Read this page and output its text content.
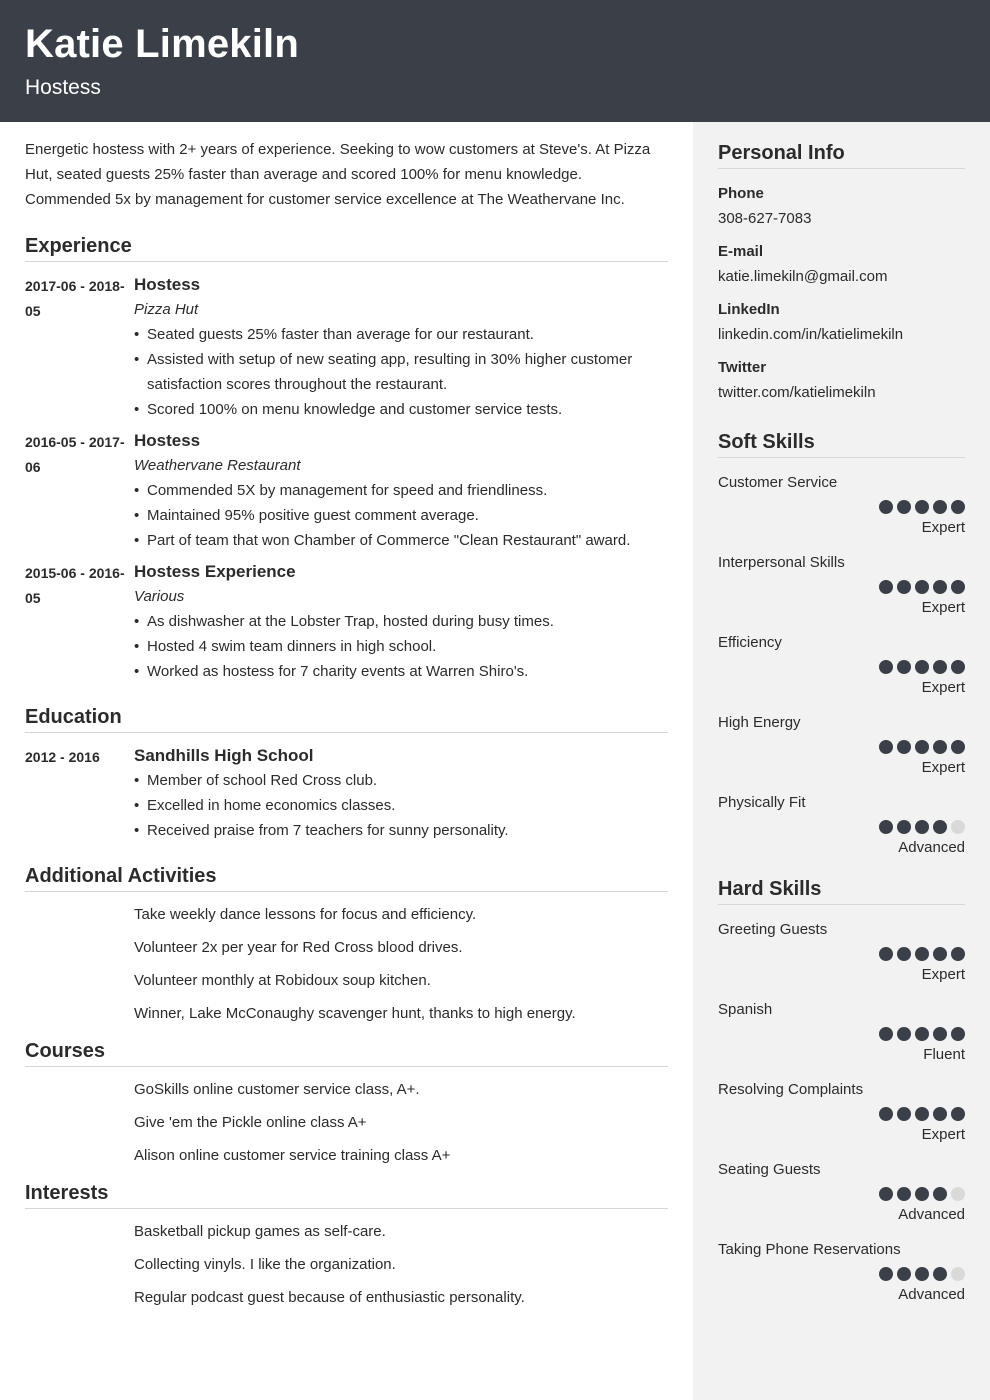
Katie Limekiln
Hostess
Energetic hostess with 2+ years of experience. Seeking to wow customers at Steve's. At Pizza Hut, seated guests 25% faster than average and scored 100% for menu knowledge. Commended 5x by management for customer service excellence at The Weathervane Inc.
Experience
2017-06 - 2018-05
Hostess
Pizza Hut
• Seated guests 25% faster than average for our restaurant.
• Assisted with setup of new seating app, resulting in 30% higher customer satisfaction scores throughout the restaurant.
• Scored 100% on menu knowledge and customer service tests.
2016-05 - 2017-06
Hostess
Weathervane Restaurant
• Commended 5X by management for speed and friendliness.
• Maintained 95% positive guest comment average.
• Part of team that won Chamber of Commerce "Clean Restaurant" award.
2015-06 - 2016-05
Hostess Experience
Various
• As dishwasher at the Lobster Trap, hosted during busy times.
• Hosted 4 swim team dinners in high school.
• Worked as hostess for 7 charity events at Warren Shiro's.
Education
2012 - 2016	Sandhills High School
• Member of school Red Cross club.
• Excelled in home economics classes.
• Received praise from 7 teachers for sunny personality.
Additional Activities
Take weekly dance lessons for focus and efficiency.
Volunteer 2x per year for Red Cross blood drives.
Volunteer monthly at Robidoux soup kitchen.
Winner, Lake McConaughy scavenger hunt, thanks to high energy.
Courses
GoSkills online customer service class, A+.
Give 'em the Pickle online class A+
Alison online customer service training class A+
Interests
Basketball pickup games as self-care.
Collecting vinyls. I like the organization.
Regular podcast guest because of enthusiastic personality.
Personal Info
Phone
308-627-7083
E-mail
katie.limekiln@gmail.com
LinkedIn
linkedin.com/in/katielimekiln
Twitter
twitter.com/katielimekiln
Soft Skills
Customer Service
Expert
Interpersonal Skills
Expert
Efficiency
Expert
High Energy
Expert
Physically Fit
Advanced
Hard Skills
Greeting Guests
Expert
Spanish
Fluent
Resolving Complaints
Expert
Seating Guests
Advanced
Taking Phone Reservations
Advanced
